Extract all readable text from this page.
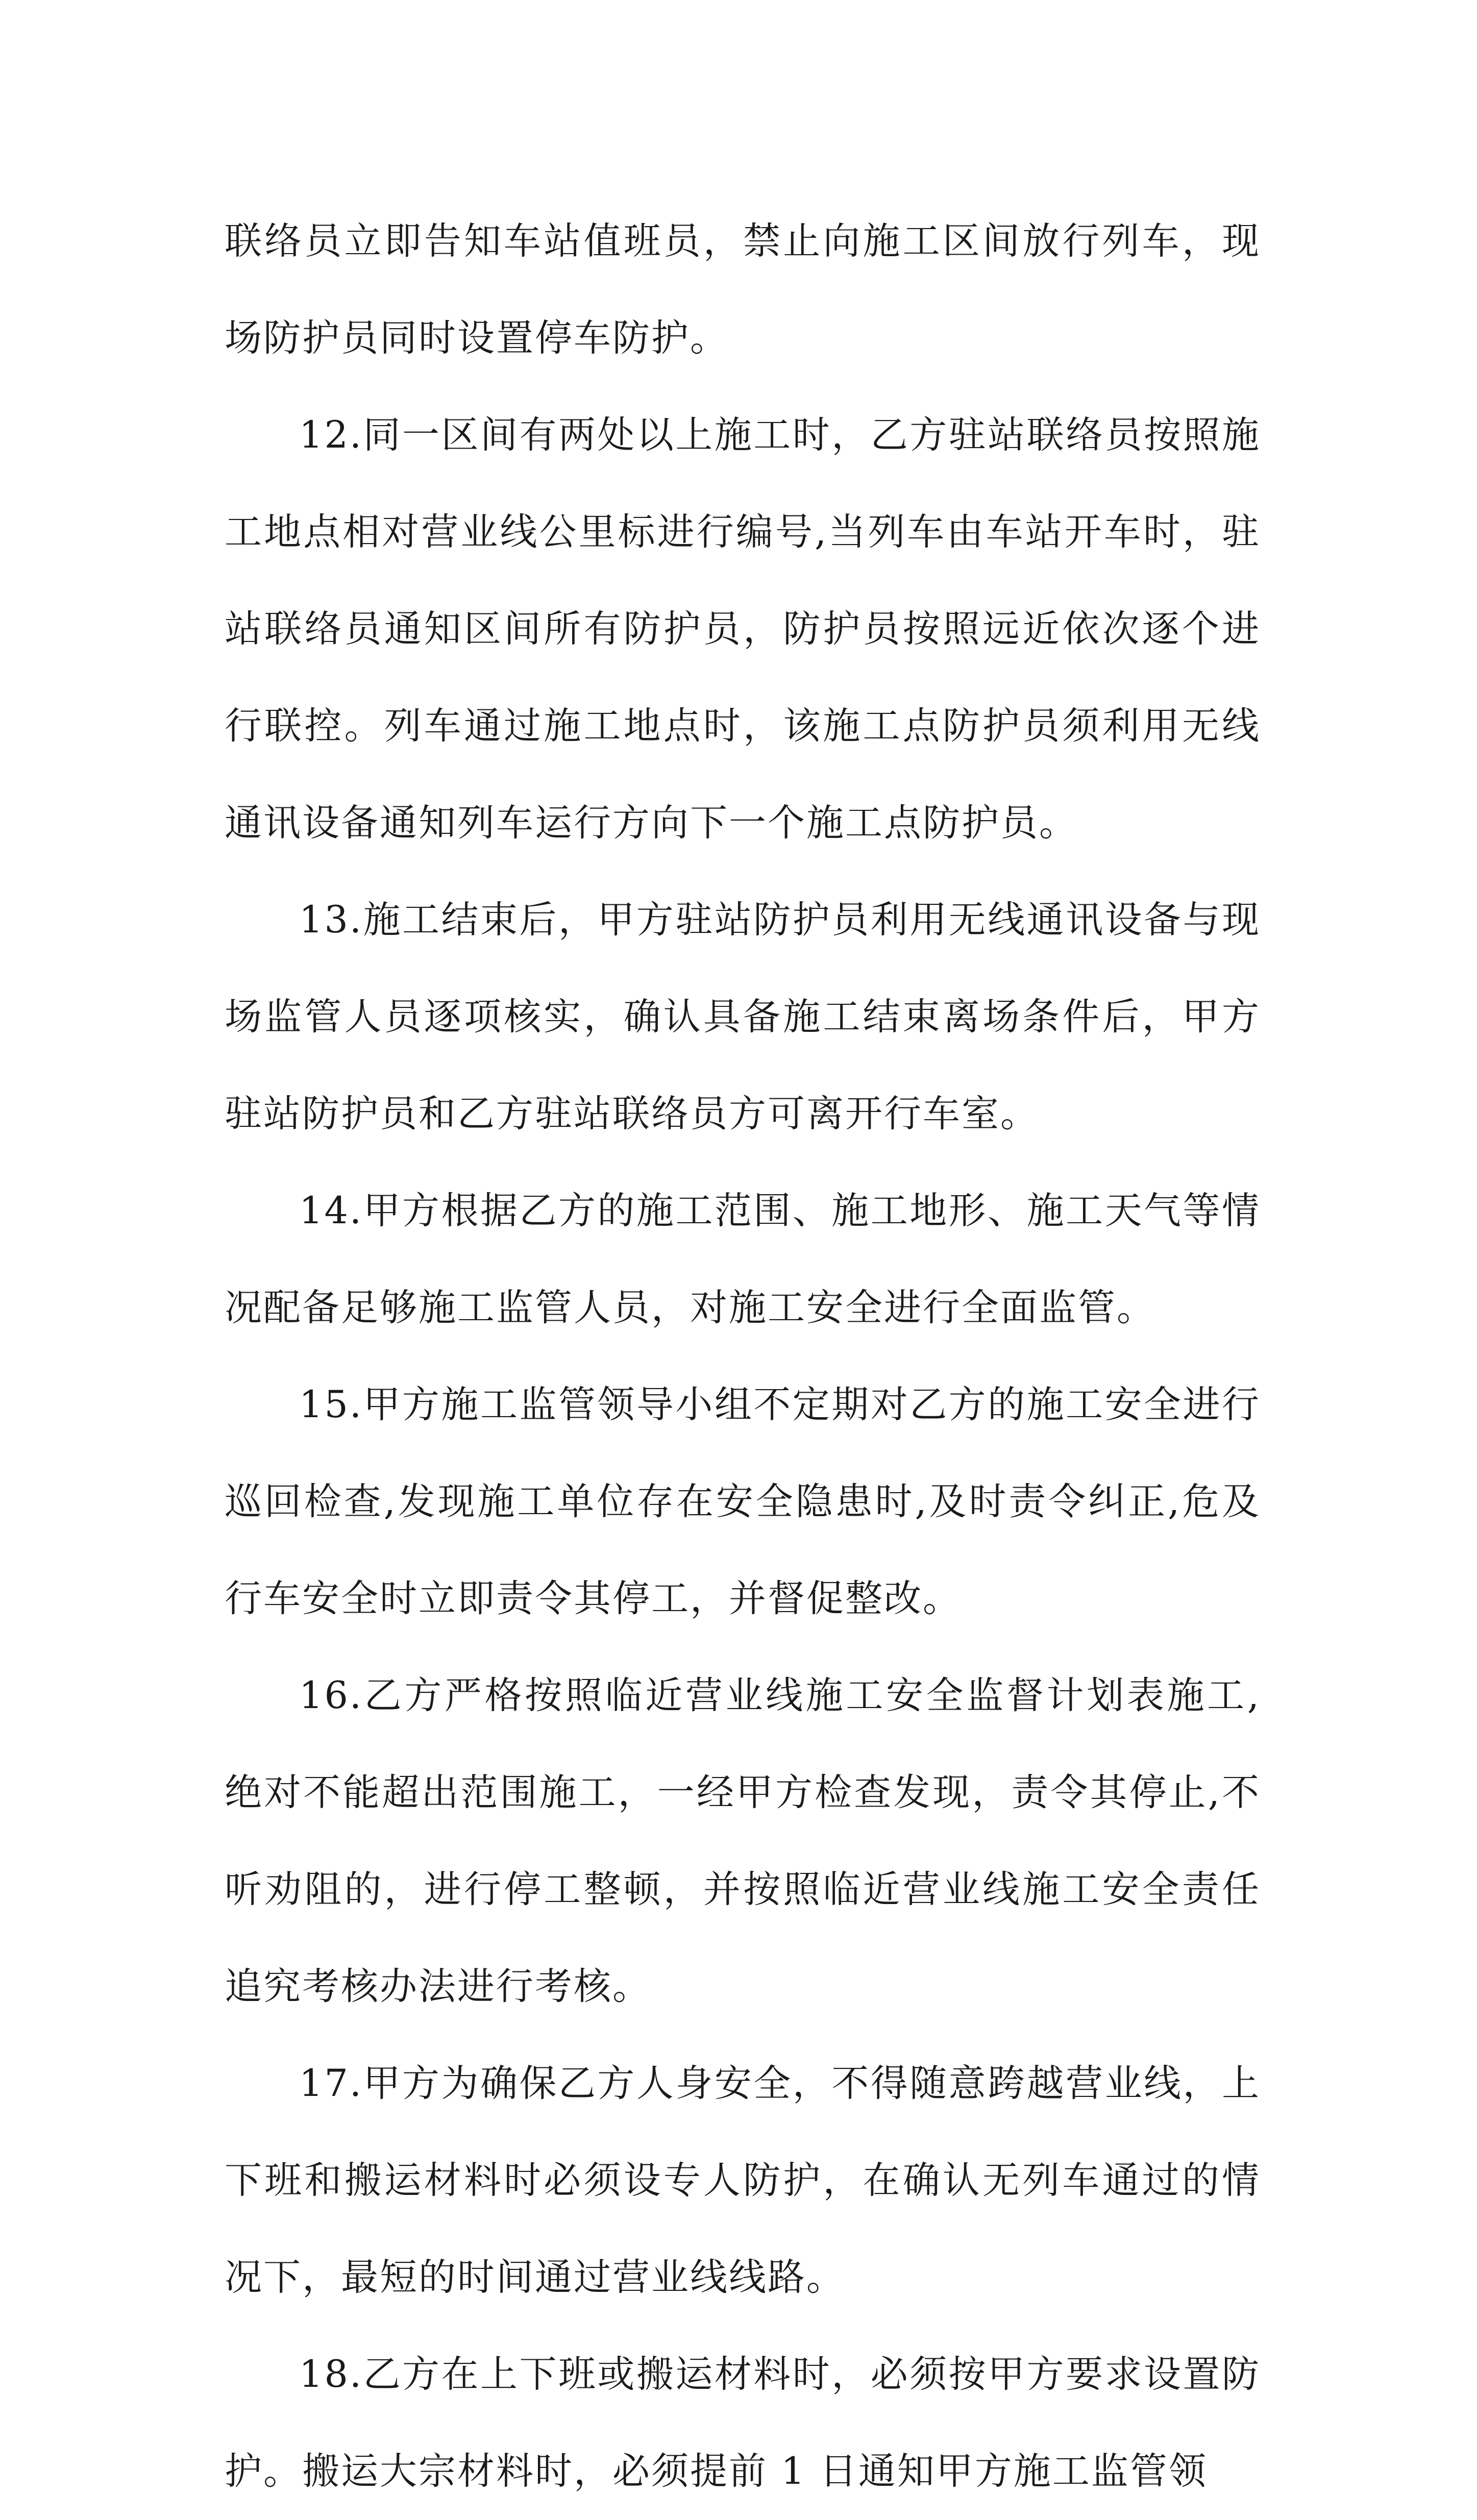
联络员立即告知车站值班员，禁止向施工区间放行列车，现场防护员同时设置停车防护。

12.同一区间有两处以上施工时，乙方驻站联络员按照施工地点相对营业线公里标进行编号,当列车由车站开车时，驻站联络员通知区间所有防护员，防护员按照远近依次逐个进行联控。列车通过施工地点时，该施工点防护员须利用无线通讯设备通知列车运行方向下一个施工点防护员。

13.施工结束后，甲方驻站防护员利用无线通讯设备与现场监管人员逐项核实，确认具备施工结束离场条件后，甲方驻站防护员和乙方驻站联络员方可离开行车室。

14.甲方根据乙方的施工范围、施工地形、施工天气等情况配备足够施工监管人员，对施工安全进行全面监管。

15.甲方施工监管领导小组不定期对乙方的施工安全进行巡回检查,发现施工单位存在安全隐患时,及时责令纠正,危及行车安全时立即责令其停工，并督促整改。

16.乙方严格按照临近营业线施工安全监督计划表施工,绝对不能超出范围施工，一经甲方检查发现，责令其停止,不听劝阻的，进行停工整顿，并按照临近营业线施工安全责任追究考核办法进行考核。

17.甲方为确保乙方人身安全，不得随意跨越营业线，上下班和搬运材料时必须设专人防护，在确认无列车通过的情况下，最短的时间通过营业线线路。

18.乙方在上下班或搬运材料时，必须按甲方要求设置防护。搬运大宗材料时，必须提前 1 日通知甲方施工监管领
